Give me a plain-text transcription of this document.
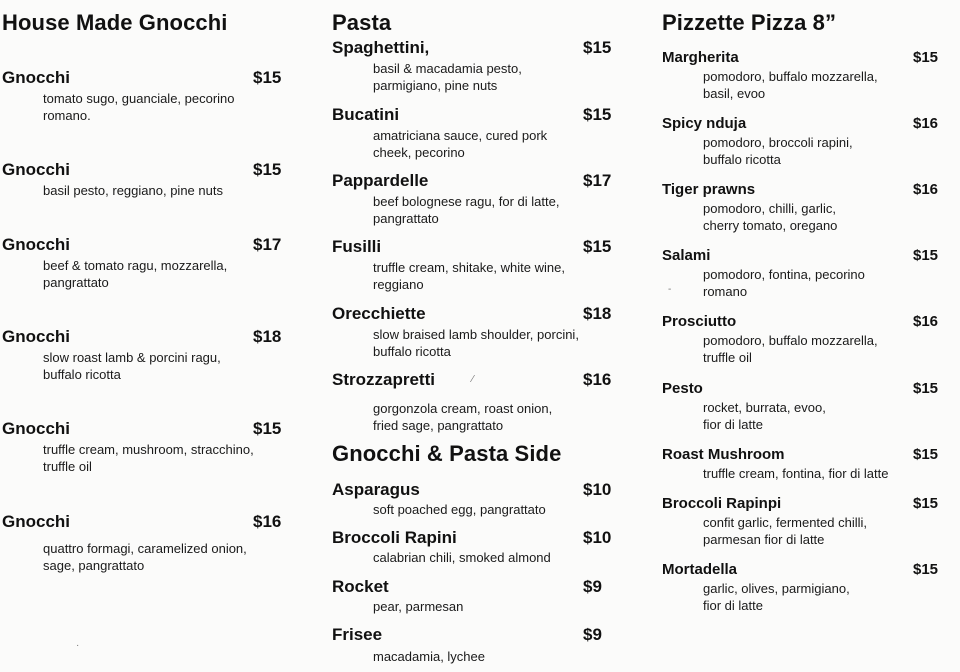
House Made Gnocchi
Gnocchi	$15
tomato sugo, guanciale, pecorino
romano.
Gnocchi	$15
basil pesto, reggiano, pine nuts
Gnocchi	$17
beef & tomato ragu, mozzarella,
pangrattato
Gnocchi	$18
slow roast lamb & porcini ragu,
buffalo ricotta
Gnocchi	$15
truffle cream, mushroom, stracchino,
truffle oil
Gnocchi	$16
quattro formagi, caramelized onion,
sage, pangrattato
Pasta
Spaghettini,	$15
basil & macadamia pesto,
parmigiano, pine nuts
Bucatini	$15
amatriciana sauce, cured pork
cheek, pecorino
Pappardelle	$17
beef bolognese ragu, for di latte,
pangrattato
Fusilli	$15
truffle cream, shitake, white wine,
reggiano
Orecchiette	$18
slow braised lamb shoulder, porcini,
buffalo ricotta
Strozzapretti	$16
gorgonzola cream, roast onion,
fried sage, pangrattato
Gnocchi & Pasta Side
Asparagus	$10
soft poached egg, pangrattato
Broccoli Rapini	$10
calabrian chili, smoked almond
Rocket	$9
pear, parmesan
Frisee	$9
macadamia, lychee
Pizzette Pizza 8”
Margherita	$15
pomodoro, buffalo mozzarella,
basil, evoo
Spicy nduja	$16
pomodoro, broccoli rapini,
buffalo ricotta
Tiger prawns	$16
pomodoro, chilli, garlic,
cherry tomato, oregano
Salami	$15
pomodoro, fontina, pecorino
romano
Prosciutto	$16
pomodoro, buffalo mozzarella,
truffle oil
Pesto	$15
rocket, burrata, evoo,
fior di latte
Roast Mushroom	$15
truffle cream, fontina, fior di latte
Broccoli Rapinpi	$15
confit garlic, fermented chilli,
parmesan fior di latte
Mortadella	$15
garlic, olives, parmigiano,
fior di latte
⁄
‐
·
